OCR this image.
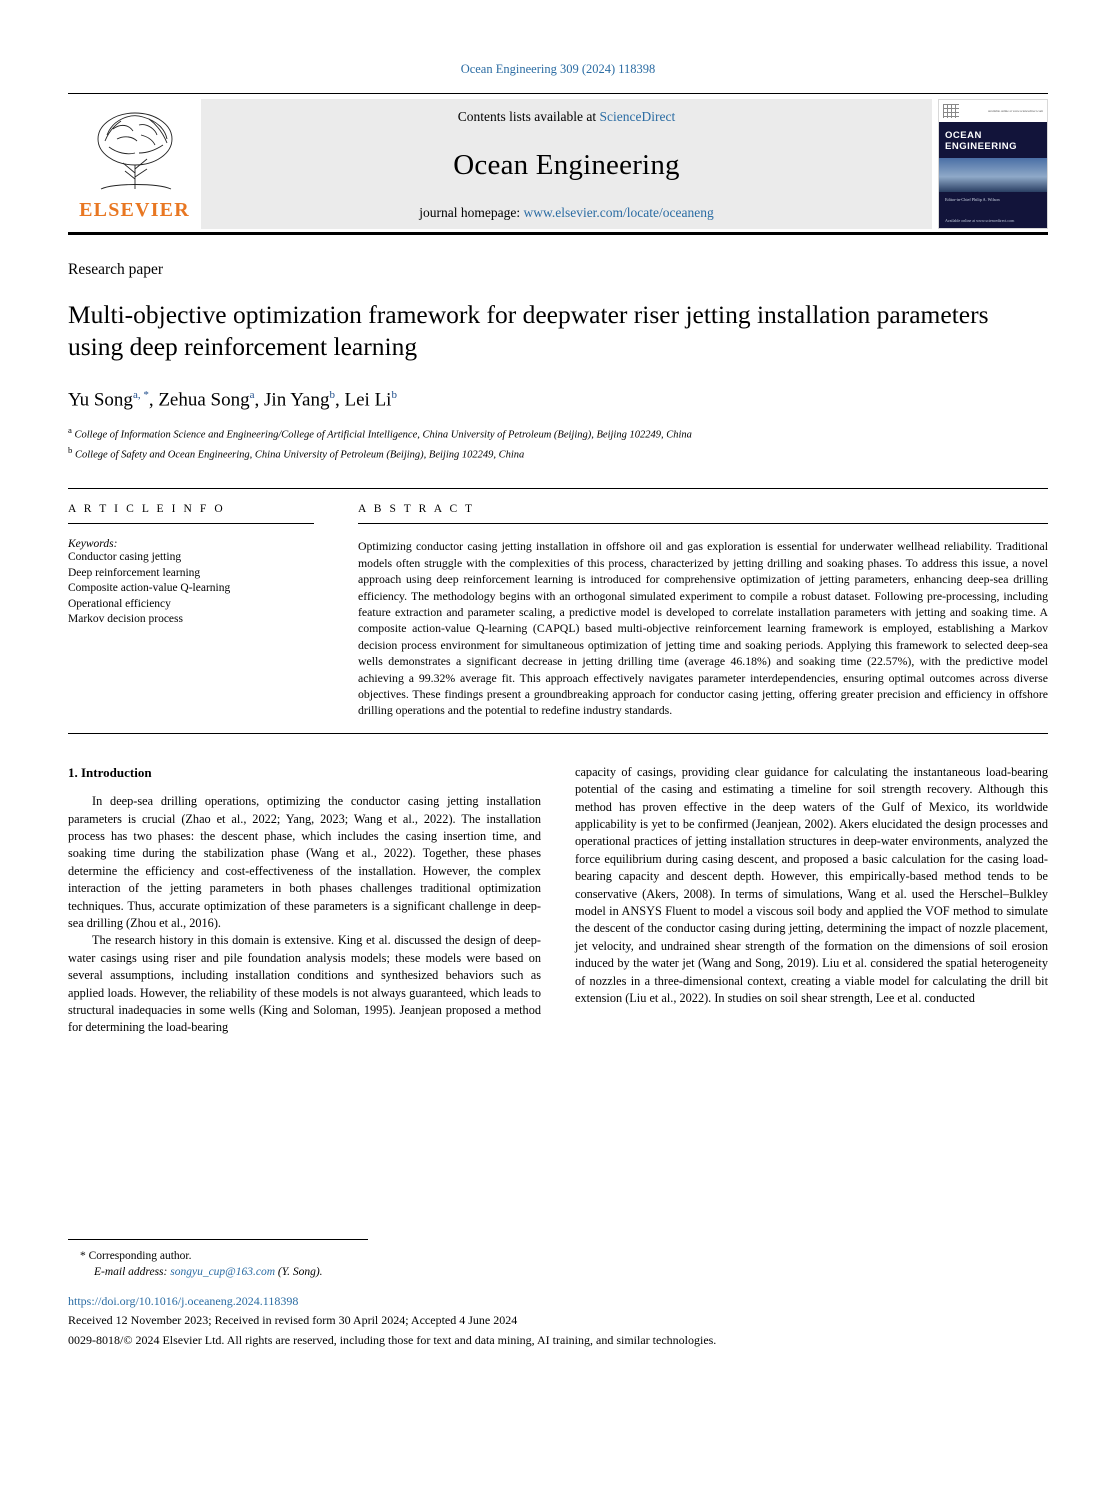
Ocean Engineering 309 (2024) 118398
ELSEVIER
Contents lists available at ScienceDirect
Ocean Engineering
journal homepage: www.elsevier.com/locate/oceaneng
Available online at www.sciencedirect.com
OCEAN ENGINEERING
Editor-in-Chief Philip A. Wilson
Available online at www.sciencedirect.com
Research paper
Multi-objective optimization framework for deepwater riser jetting installation parameters using deep reinforcement learning
Yu Song$^{a, *}$, Zehua Song$^a$, Jin Yang$^b$, Lei Li$^b$
$^a$ College of Information Science and Engineering/College of Artificial Intelligence, China University of Petroleum (Beijing), Beijing 102249, China
$^b$ College of Safety and Ocean Engineering, China University of Petroleum (Beijing), Beijing 102249, China
A R T I C L E I N F O
Keywords:
Conductor casing jetting
Deep reinforcement learning
Composite action-value Q-learning
Operational efficiency
Markov decision process
A B S T R A C T
Optimizing conductor casing jetting installation in offshore oil and gas exploration is essential for underwater wellhead reliability. Traditional models often struggle with the complexities of this process, characterized by jetting drilling and soaking phases. To address this issue, a novel approach using deep reinforcement learning is introduced for comprehensive optimization of jetting parameters, enhancing deep-sea drilling efficiency. The methodology begins with an orthogonal simulated experiment to compile a robust dataset. Following pre-processing, including feature extraction and parameter scaling, a predictive model is developed to correlate installation parameters with jetting and soaking time. A composite action-value Q-learning (CAPQL) based multi-objective reinforcement learning framework is employed, establishing a Markov decision process environment for simultaneous optimization of jetting time and soaking periods. Applying this framework to selected deep-sea wells demonstrates a significant decrease in jetting drilling time (average 46.18%) and soaking time (22.57%), with the predictive model achieving a 99.32% average fit. This approach effectively navigates parameter interdependencies, ensuring optimal outcomes across diverse objectives. These findings present a groundbreaking approach for conductor casing jetting, offering greater precision and efficiency in offshore drilling operations and the potential to redefine industry standards.
1. Introduction

In deep-sea drilling operations, optimizing the conductor casing jetting installation parameters is crucial (Zhao et al., 2022; Yang, 2023; Wang et al., 2022). The installation process has two phases: the descent phase, which includes the casing insertion time, and soaking time during the stabilization phase (Wang et al., 2022). Together, these phases determine the efficiency and cost-effectiveness of the installation. However, the complex interaction of the jetting parameters in both phases challenges traditional optimization techniques. Thus, accurate optimization of these parameters is a significant challenge in deep-sea drilling (Zhou et al., 2016).

The research history in this domain is extensive. King et al. discussed the design of deep-water casings using riser and pile foundation analysis models; these models were based on several assumptions, including installation conditions and synthesized behaviors such as applied loads. However, the reliability of these models is not always guaranteed, which leads to structural inadequacies in some wells (King and Soloman, 1995). Jeanjean proposed a method for determining the load-bearing

capacity of casings, providing clear guidance for calculating the instantaneous load-bearing potential of the casing and estimating a timeline for soil strength recovery. Although this method has proven effective in the deep waters of the Gulf of Mexico, its worldwide applicability is yet to be confirmed (Jeanjean, 2002). Akers elucidated the design processes and operational practices of jetting installation structures in deep-water environments, analyzed the force equilibrium during casing descent, and proposed a basic calculation for the casing load-bearing capacity and descent depth. However, this empirically-based method tends to be conservative (Akers, 2008). In terms of simulations, Wang et al. used the Herschel–Bulkley model in ANSYS Fluent to model a viscous soil body and applied the VOF method to simulate the descent of the conductor casing during jetting, determining the impact of nozzle placement, jet velocity, and undrained shear strength of the formation on the dimensions of soil erosion induced by the water jet (Wang and Song, 2019). Liu et al. considered the spatial heterogeneity of nozzles in a three-dimensional context, creating a viable model for calculating the drill bit extension (Liu et al., 2022). In studies on soil shear strength, Lee et al. conducted

* Corresponding author.
E-mail address: songyu_cup@163.com (Y. Song).
https://doi.org/10.1016/j.oceaneng.2024.118398
Received 12 November 2023; Received in revised form 30 April 2024; Accepted 4 June 2024
0029-8018/© 2024 Elsevier Ltd. All rights are reserved, including those for text and data mining, AI training, and similar technologies.
